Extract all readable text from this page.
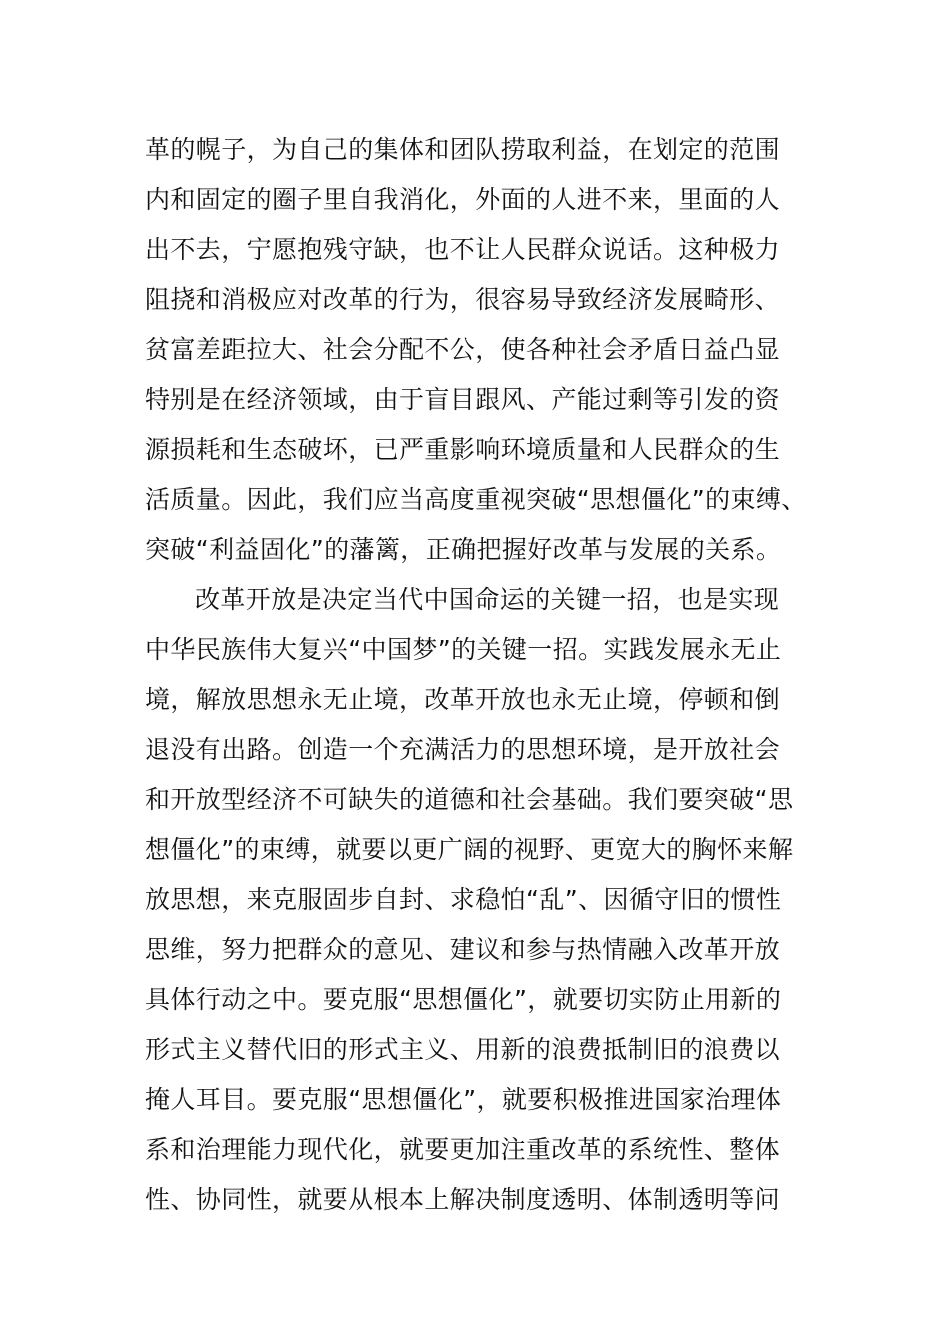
革的幌子，为自己的集体和团队捞取利益，在划定的范围
内和固定的圈子里自我消化，外面的人进不来，里面的人
出不去，宁愿抱残守缺，也不让人民群众说话。这种极力
阻挠和消极应对改革的行为，很容易导致经济发展畸形、
贫富差距拉大、社会分配不公，使各种社会矛盾日益凸显
特别是在经济领域，由于盲目跟风、产能过剩等引发的资
源损耗和生态破坏，已严重影响环境质量和人民群众的生
活质量。因此，我们应当高度重视突破“思想僵化”的束缚、
突破“利益固化”的藩篱，正确把握好改革与发展的关系。
改革开放是决定当代中国命运的关键一招，也是实现
中华民族伟大复兴“中国梦”的关键一招。实践发展永无止
境，解放思想永无止境，改革开放也永无止境，停顿和倒
退没有出路。创造一个充满活力的思想环境，是开放社会
和开放型经济不可缺失的道德和社会基础。我们要突破“思
想僵化”的束缚，就要以更广阔的视野、更宽大的胸怀来解
放思想，来克服固步自封、求稳怕“乱”、因循守旧的惯性
思维，努力把群众的意见、建议和参与热情融入改革开放
具体行动之中。要克服“思想僵化”，就要切实防止用新的
形式主义替代旧的形式主义、用新的浪费抵制旧的浪费以
掩人耳目。要克服“思想僵化”，就要积极推进国家治理体
系和治理能力现代化，就要更加注重改革的系统性、整体
性、协同性，就要从根本上解决制度透明、体制透明等问
